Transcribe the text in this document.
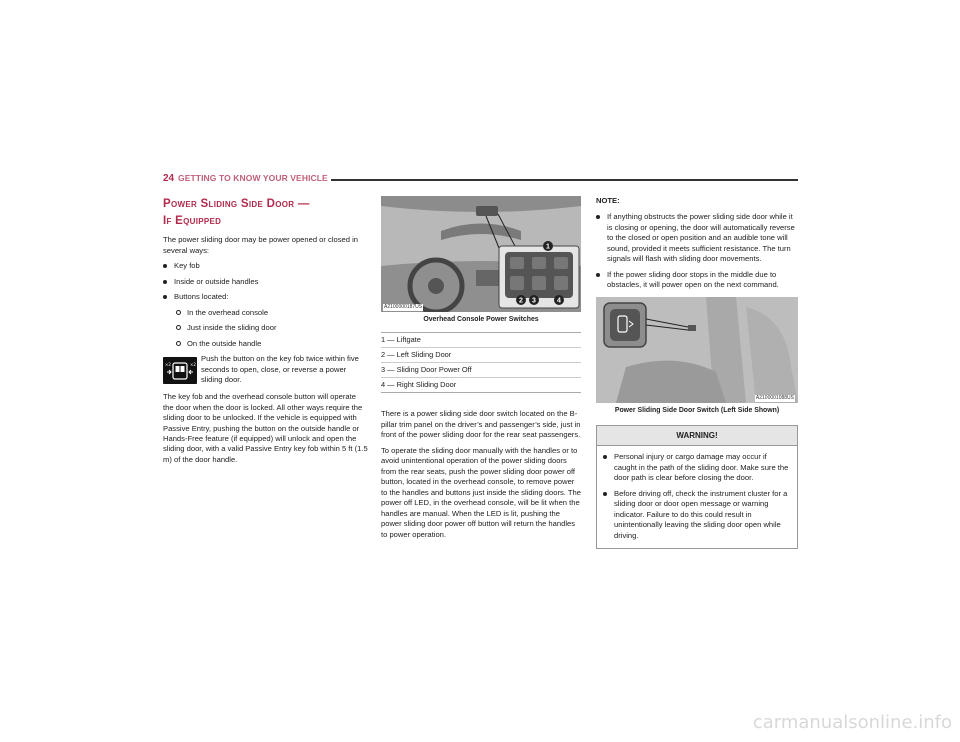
24 GETTING TO KNOW YOUR VEHICLE
Power Sliding Side Door —
If Equipped

The power sliding door may be power opened or closed in several ways:

Key fob
Inside or outside handles
Buttons located:
In the overhead console
Just inside the sliding door
On the outside handle
×2	×2
Push the button on the key fob twice within five seconds to open, close, or reverse a power sliding door.

The key fob and the overhead console button will operate the door when the door is locked. All other ways require the sliding door to be unlocked. If the vehicle is equipped with Passive Entry, pushing the button on the outside handle or Hands-Free feature (if equipped) will unlock and open the sliding door, with a valid Passive Entry key fob within 5 ft (1.5 m) of the door handle.

1
2 3	4
A2100000187US
Overhead Console Power Switches
1 — Liftgate
2 — Left Sliding Door
3 — Sliding Door Power Off
4 — Right Sliding Door

There is a power sliding side door switch located on the B-pillar trim panel on the driver’s and passenger’s side, just in front of the power sliding door for the rear seat passengers.

To operate the sliding door manually with the handles or to avoid unintentional operation of the power sliding doors from the rear seats, push the power sliding door power off button, located in the overhead console, to remove power to the handles and buttons just inside the sliding doors. The power off LED, in the overhead console, will be lit when the handles are manual. When the LED is lit, pushing the power sliding door power off button will return the handles to power operation.

NOTE:
If anything obstructs the power sliding side door while it is closing or opening, the door will automatically reverse to the closed or open position and an audible tone will sound, provided it meets sufficient resistance. The turn signals will flash with sliding door movements.
If the power sliding door stops in the middle due to obstacles, it will power open on the next command.
A2100001088US
Power Sliding Side Door Switch (Left Side Shown)
WARNING!
Personal injury or cargo damage may occur if caught in the path of the sliding door. Make sure the door path is clear before closing the door.
Before driving off, check the instrument cluster for a sliding door or door open message or warning indicator. Failure to do this could result in unintentionally leaving the sliding door open while driving.
carmanualsonline.info
